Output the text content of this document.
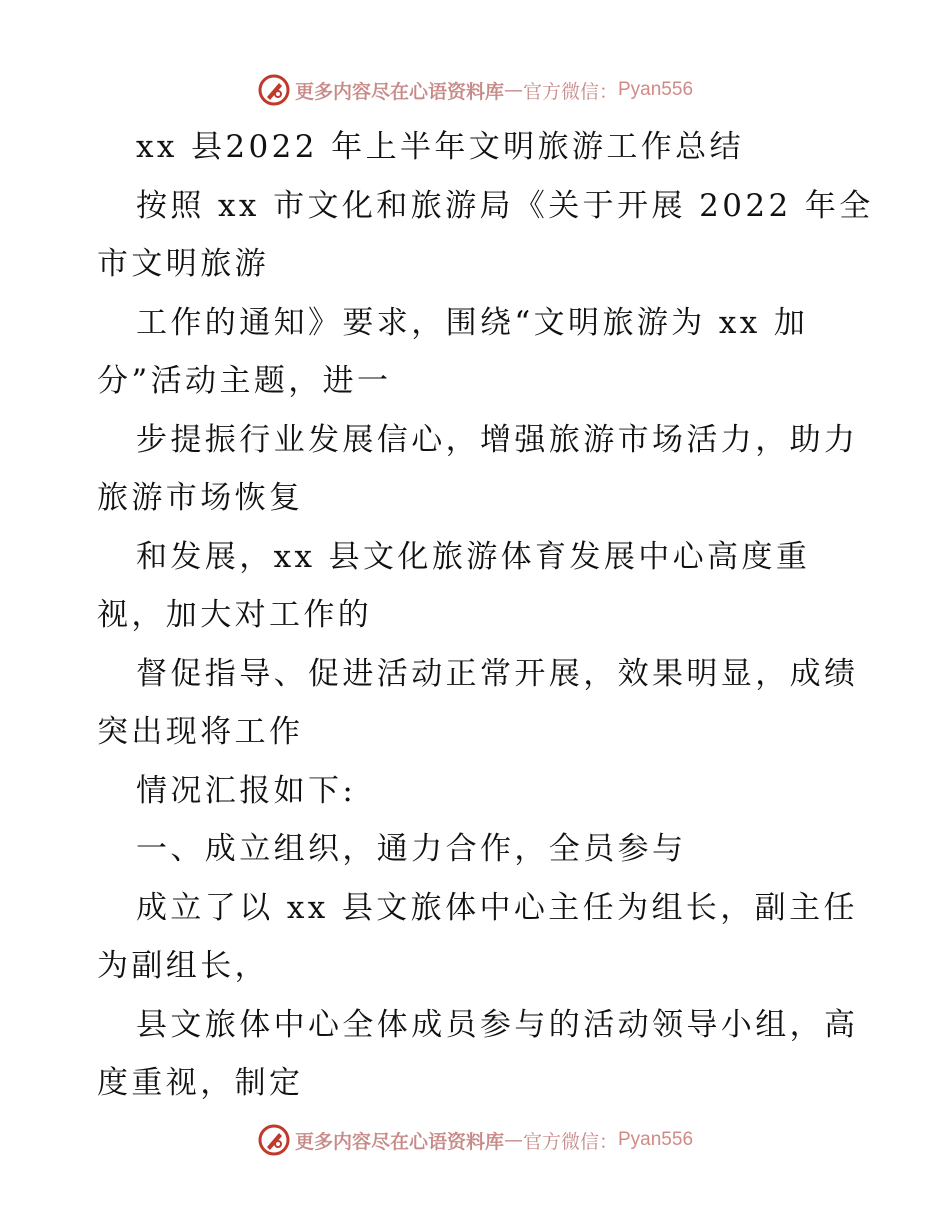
更多内容尽在心语资料库 — 官方微信： Pyan556
xx 县2022 年上半年文明旅游工作总结
按照 xx 市文化和旅游局《关于开展 2022 年全
市文明旅游
工作的通知》要求，围绕“文明旅游为 xx 加
分”活动主题，进一
步提振行业发展信心，增强旅游市场活力，助力
旅游市场恢复
和发展，xx 县文化旅游体育发展中心高度重
视，加大对工作的
督促指导、促进活动正常开展，效果明显，成绩
突出现将工作
情况汇报如下:
一、成立组织，通力合作，全员参与
成立了以 xx 县文旅体中心主任为组长，副主任
为副组长，
县文旅体中心全体成员参与的活动领导小组，高
度重视，制定
更多内容尽在心语资料库 — 官方微信： Pyan556
